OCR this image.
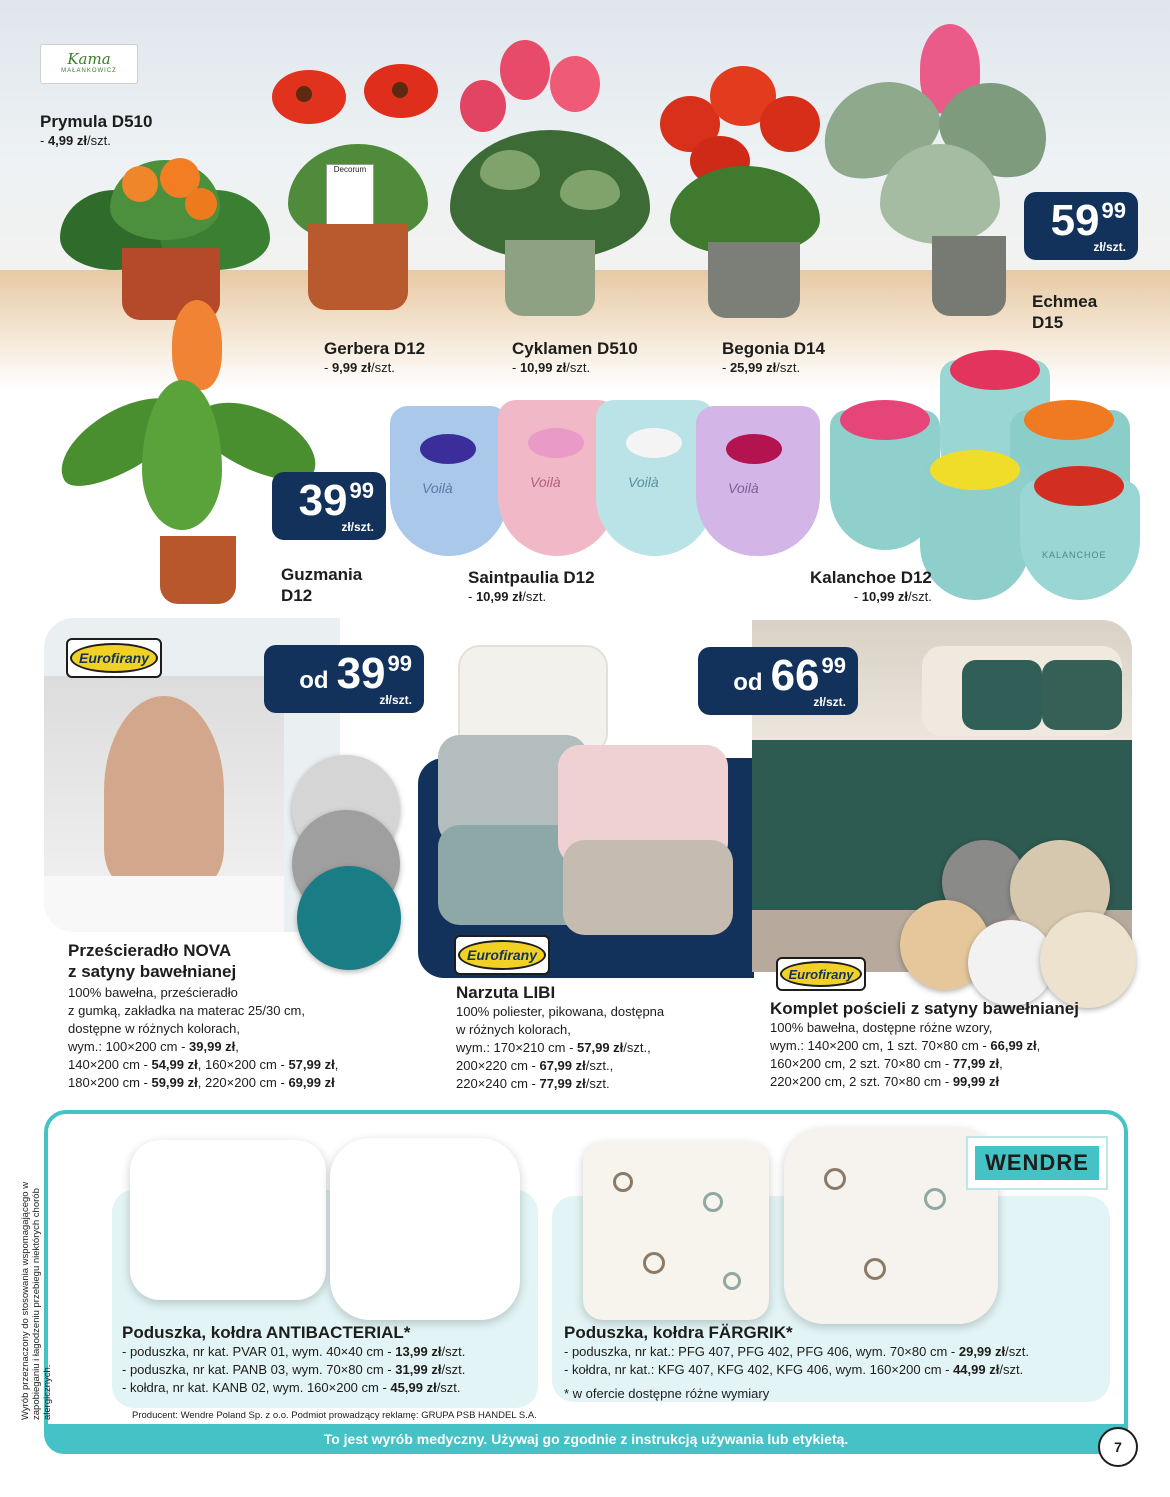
Kama
MAŁANKOWICZ
Prymula D510
- 4,99 zł/szt.
Decorum
Gerbera D12
- 9,99 zł/szt.
Cyklamen D510
- 10,99 zł/szt.
Begonia D14
- 25,99 zł/szt.
59 99
zł/szt.
Echmea
D15
39 99
zł/szt.
Guzmania
D12
Voilà	Voilà	Voilà	Voilà
Saintpaulia D12
- 10,99 zł/szt.
KALANCHOE
Kalanchoe D12
- 10,99 zł/szt.
Eurofirany
od 39 99
zł/szt.
Prześcieradło NOVA
z satyny bawełnianej
100% bawełna, prześcieradło
z gumką, zakładka na materac 25/30 cm,
dostępne w różnych kolorach,
wym.: 100×200 cm - 39,99 zł,
140×200 cm - 54,99 zł, 160×200 cm - 57,99 zł,
180×200 cm - 59,99 zł, 220×200 cm - 69,99 zł
Eurofirany
Narzuta LIBI
100% poliester, pikowana, dostępna
w różnych kolorach,
wym.: 170×210 cm - 57,99 zł/szt.,
200×220 cm - 67,99 zł/szt.,
220×240 cm - 77,99 zł/szt.
od 66 99
zł/szt.
Eurofirany
Komplet pościeli z satyny bawełnianej
100% bawełna, dostępne różne wzory,
wym.: 140×200 cm, 1 szt. 70×80 cm - 66,99 zł,
160×200 cm, 2 szt. 70×80 cm - 77,99 zł,
220×200 cm, 2 szt. 70×80 cm - 99,99 zł
WENDRE
Poduszka, kołdra ANTIBACTERIAL*
- poduszka, nr kat. PVAR 01, wym. 40×40 cm - 13,99 zł/szt.
- poduszka, nr kat. PANB 03, wym. 70×80 cm - 31,99 zł/szt.
- kołdra, nr kat. KANB 02, wym. 160×200 cm - 45,99 zł/szt.
Poduszka, kołdra FÄRGRIK*
- poduszka, nr kat.: PFG 407, PFG 402, PFG 406, wym. 70×80 cm - 29,99 zł/szt.
- kołdra, nr kat.: KFG 407, KFG 402, KFG 406, wym. 160×200 cm - 44,99 zł/szt.
* w ofercie dostępne różne wymiary
Wyrób przeznaczony do stosowania wspomagającego w zapobieganiu i łagodzeniu przebiegu niektórych chorób alergicznych.	Producent: Wendre Poland Sp. z o.o. Podmiot prowadzący reklamę: GRUPA PSB HANDEL S.A.
To jest wyrób medyczny. Używaj go zgodnie z instrukcją używania lub etykietą.	7
